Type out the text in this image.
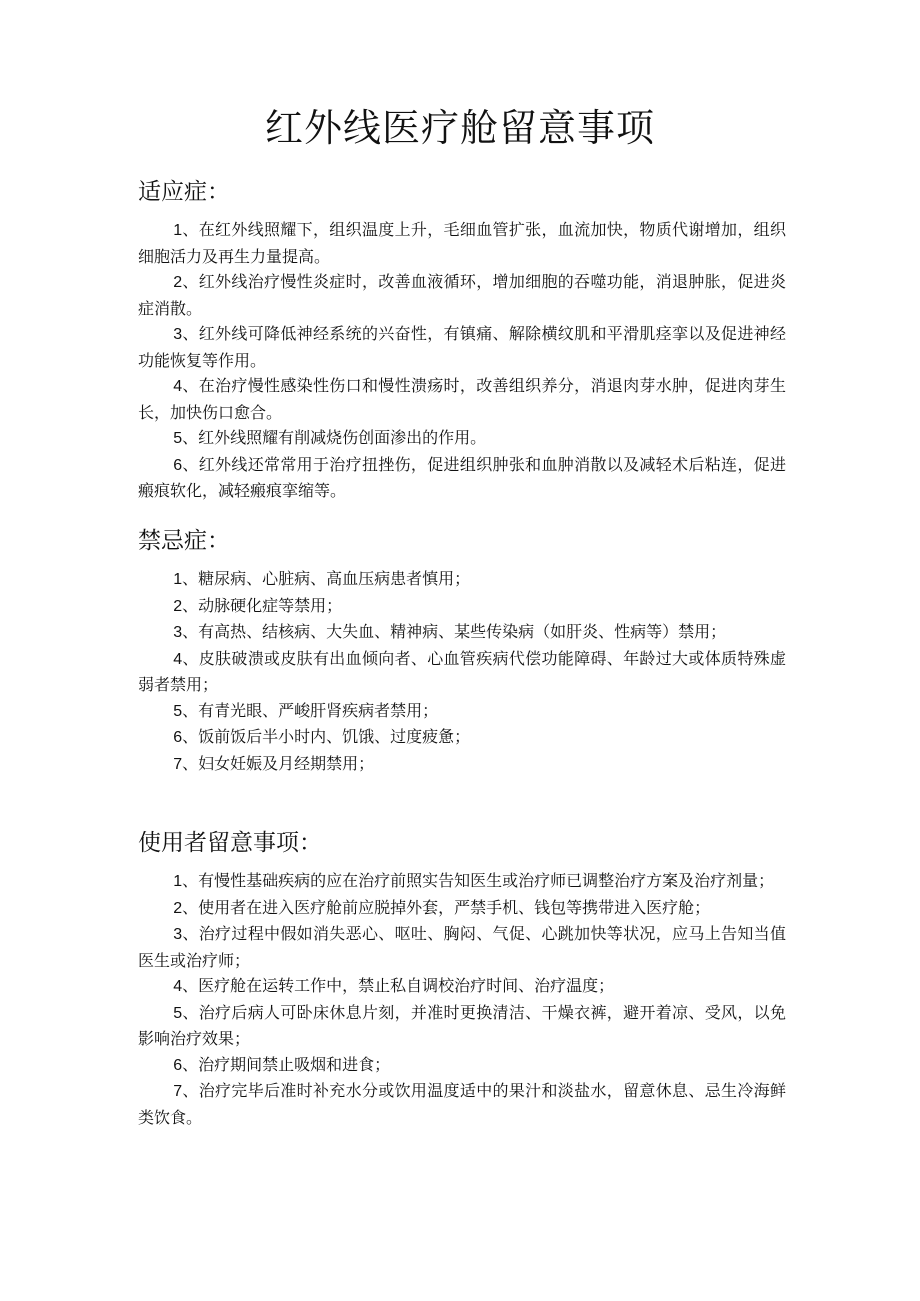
红外线医疗舱留意事项
适应症：

1、在红外线照耀下，组织温度上升，毛细血管扩张，血流加快，物质代谢增加，组织细胞活力及再生力量提高。

2、红外线治疗慢性炎症时，改善血液循环，增加细胞的吞噬功能，消退肿胀，促进炎症消散。

3、红外线可降低神经系统的兴奋性，有镇痛、解除横纹肌和平滑肌痉挛以及促进神经功能恢复等作用。

4、在治疗慢性感染性伤口和慢性溃疡时，改善组织养分，消退肉芽水肿，促进肉芽生长，加快伤口愈合。

5、红外线照耀有削减烧伤创面渗出的作用。

6、红外线还常常用于治疗扭挫伤，促进组织肿张和血肿消散以及减轻术后粘连，促进瘢痕软化，减轻瘢痕挛缩等。

禁忌症：

1、糖尿病、心脏病、高血压病患者慎用；

2、动脉硬化症等禁用；

3、有高热、结核病、大失血、精神病、某些传染病（如肝炎、性病等）禁用；

4、皮肤破溃或皮肤有出血倾向者、心血管疾病代偿功能障碍、年龄过大或体质特殊虚弱者禁用；

5、有青光眼、严峻肝肾疾病者禁用；

6、饭前饭后半小时内、饥饿、过度疲惫；

7、妇女妊娠及月经期禁用；

使用者留意事项：

1、有慢性基础疾病的应在治疗前照实告知医生或治疗师已调整治疗方案及治疗剂量；

2、使用者在进入医疗舱前应脱掉外套，严禁手机、钱包等携带进入医疗舱；

3、治疗过程中假如消失恶心、呕吐、胸闷、气促、心跳加快等状况，应马上告知当值医生或治疗师；

4、医疗舱在运转工作中，禁止私自调校治疗时间、治疗温度；

5、治疗后病人可卧床休息片刻，并准时更换清洁、干燥衣裤，避开着凉、受风，以免影响治疗效果；

6、治疗期间禁止吸烟和进食；

7、治疗完毕后准时补充水分或饮用温度适中的果汁和淡盐水，留意休息、忌生冷海鲜类饮食。
